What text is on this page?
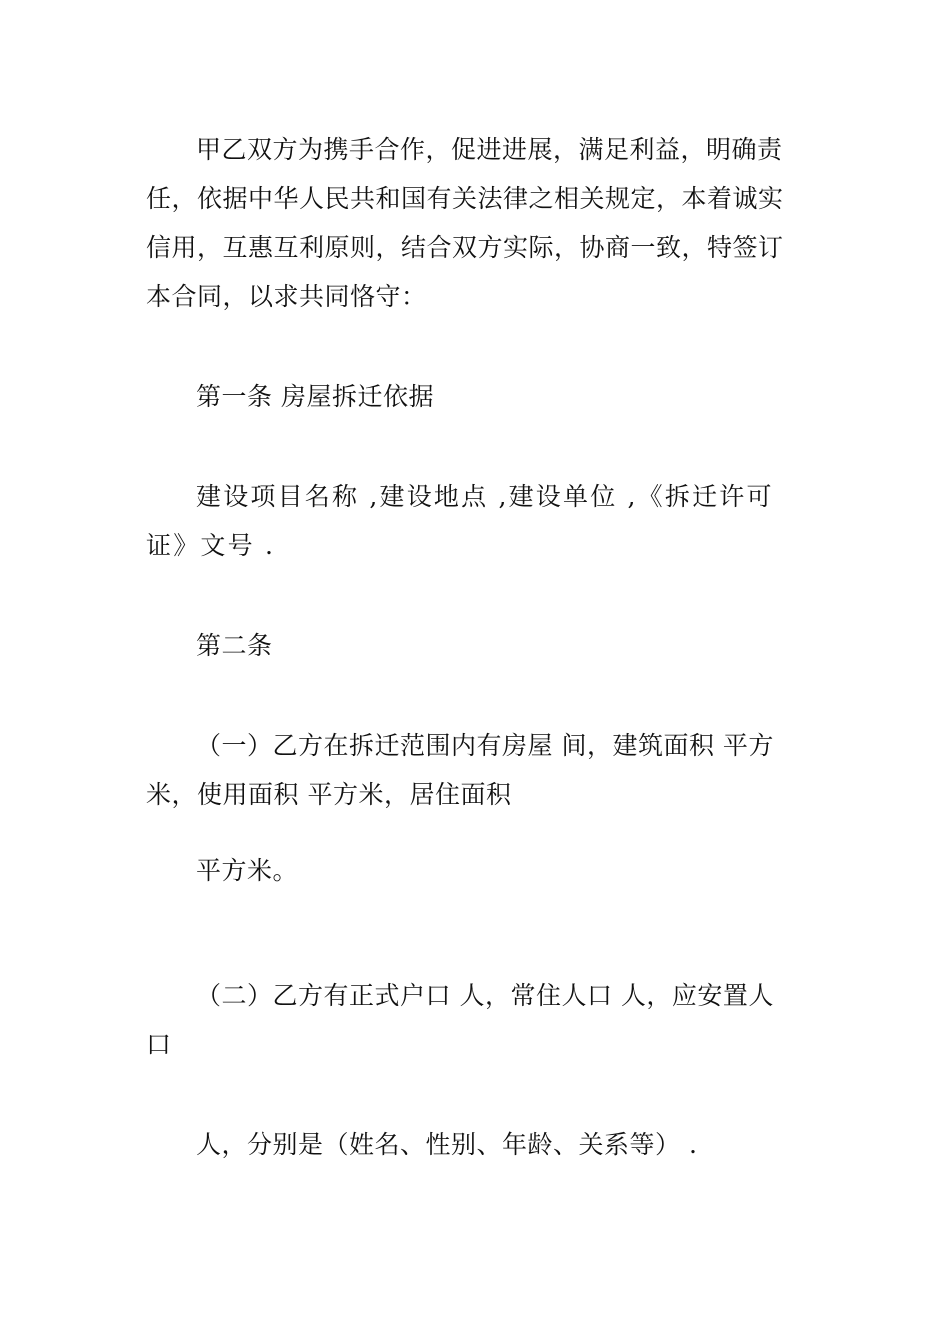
甲乙双方为携手合作，促进进展，满足利益，明确责
任，依据中华人民共和国有关法律之相关规定，本着诚实
信用，互惠互利原则，结合双方实际，协商一致，特签订
本合同，以求共同恪守：
第一条 房屋拆迁依据
建设项目名称 ,建设地点 ,建设单位 ,《拆迁许可
证》文号 .
第二条
（一）乙方在拆迁范围内有房屋 间，建筑面积 平方
米，使用面积 平方米，居住面积
平方米。
（二）乙方有正式户口 人，常住人口 人，应安置人
口
人，分别是（姓名、性别、年龄、关系等） .
